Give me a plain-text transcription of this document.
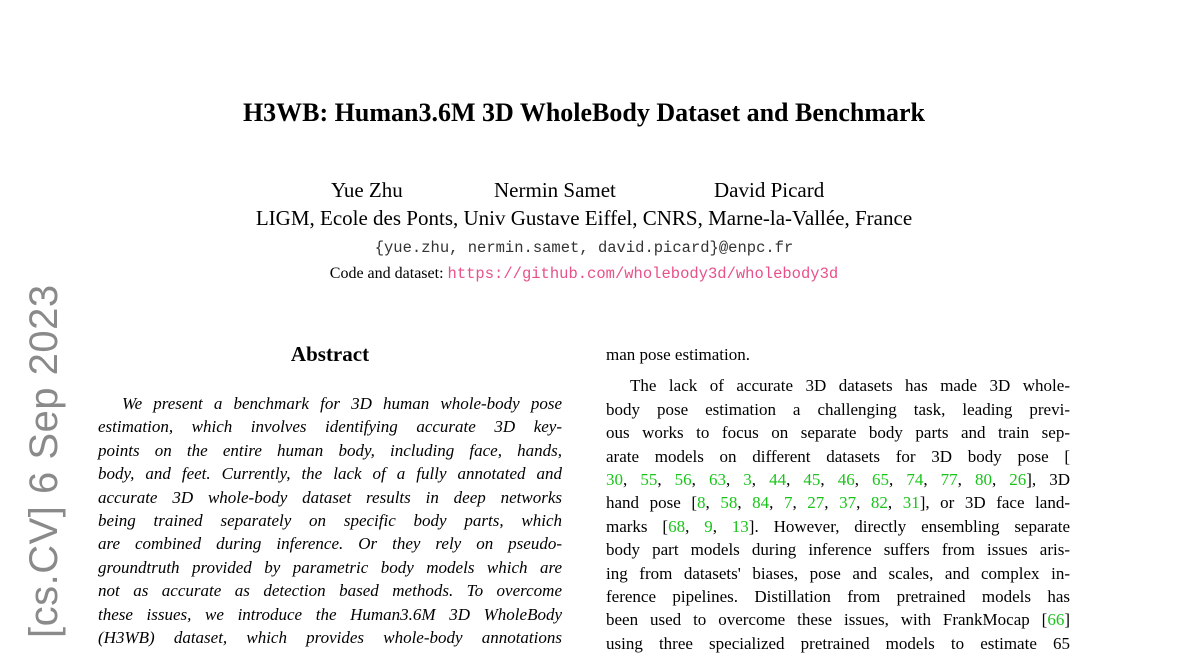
[cs.CV] 6 Sep 2023
H3WB: Human3.6M 3D WholeBody Dataset and Benchmark
Yue Zhu	Nermin Samet	David Picard
LIGM, Ecole des Ponts, Univ Gustave Eiffel, CNRS, Marne-la-Vallée, France
{yue.zhu, nermin.samet, david.picard}@enpc.fr
Code and dataset: https://github.com/wholebody3d/wholebody3d
Abstract
We present a benchmark for 3D human whole-body pose
estimation, which involves identifying accurate 3D key-
points on the entire human body, including face, hands,
body, and feet. Currently, the lack of a fully annotated and
accurate 3D whole-body dataset results in deep networks
being trained separately on specific body parts, which
are combined during inference. Or they rely on pseudo-
groundtruth provided by parametric body models which are
not as accurate as detection based methods. To overcome
these issues, we introduce the Human3.6M 3D WholeBody
(H3WB) dataset, which provides whole-body annotations
man pose estimation.
The lack of accurate 3D datasets has made 3D whole-
body pose estimation a challenging task, leading previ-
ous works to focus on separate body parts and train sep-
arate models on different datasets for 3D body pose [
30, 55, 56, 63, 3, 44, 45, 46, 65, 74, 77, 80, 26], 3D
hand pose [8, 58, 84, 7, 27, 37, 82, 31], or 3D face land-
marks [68, 9, 13]. However, directly ensembling separate
body part models during inference suffers from issues aris-
ing from datasets' biases, pose and scales, and complex in-
ference pipelines. Distillation from pretrained models has
been used to overcome these issues, with FrankMocap [66]
using three specialized pretrained models to estimate 65
